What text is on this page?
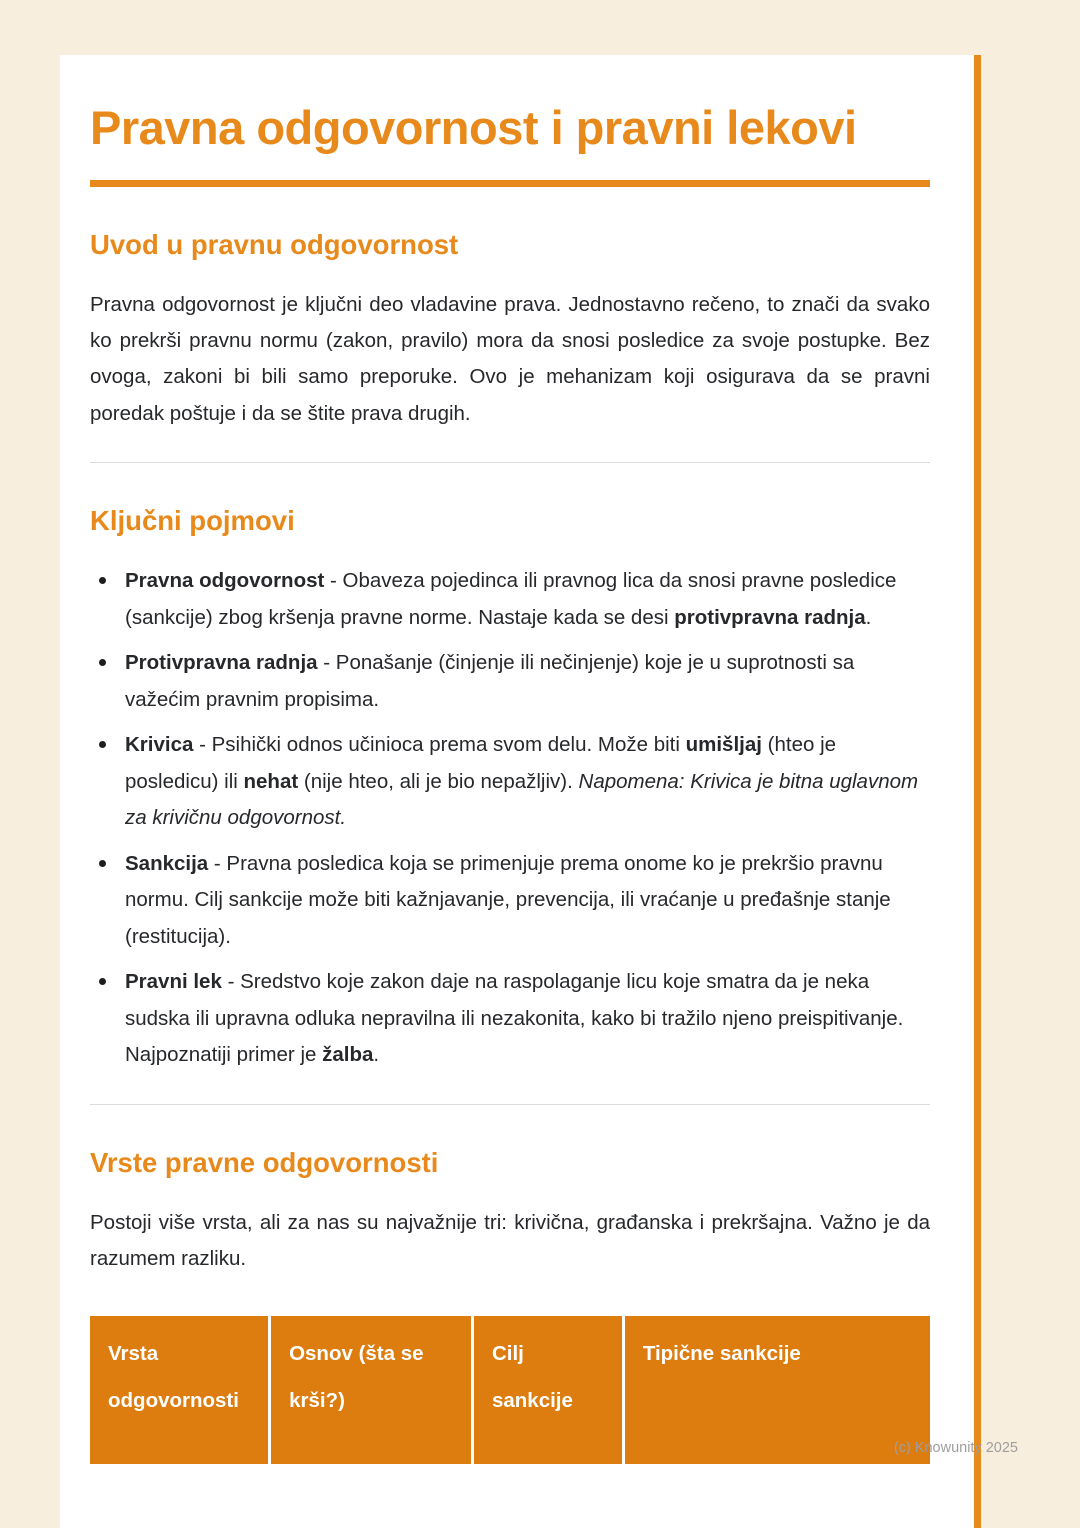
Pravna odgovornost i pravni lekovi
Uvod u pravnu odgovornost

Pravna odgovornost je ključni deo vladavine prava. Jednostavno rečeno, to znači da svako ko prekrši pravnu normu (zakon, pravilo) mora da snosi posledice za svoje postupke. Bez ovoga, zakoni bi bili samo preporuke. Ovo je mehanizam koji osigurava da se pravni poredak poštuje i da se štite prava drugih.

Ključni pojmovi
Pravna odgovornost - Obaveza pojedinca ili pravnog lica da snosi pravne posledice (sankcije) zbog kršenja pravne norme. Nastaje kada se desi protivpravna radnja.
Protivpravna radnja - Ponašanje (činjenje ili nečinjenje) koje je u suprotnosti sa važećim pravnim propisima.
Krivica - Psihički odnos učinioca prema svom delu. Može biti umišljaj (hteo je posledicu) ili nehat (nije hteo, ali je bio nepažljiv). Napomena: Krivica je bitna uglavnom za krivičnu odgovornost.
Sankcija - Pravna posledica koja se primenjuje prema onome ko je prekršio pravnu normu. Cilj sankcije može biti kažnjavanje, prevencija, ili vraćanje u pređašnje stanje (restitucija).
Pravni lek - Sredstvo koje zakon daje na raspolaganje licu koje smatra da je neka sudska ili upravna odluka nepravilna ili nezakonita, kako bi tražilo njeno preispitivanje. Najpoznatiji primer je žalba.
Vrste pravne odgovornosti

Postoji više vrsta, ali za nas su najvažnije tri: krivična, građanska i prekršajna. Važno je da razumem razliku.

Vrsta odgovornosti
Osnov (šta se krši?)
Cilj sankcije
Tipične sankcije
(c) Knowunity 2025
